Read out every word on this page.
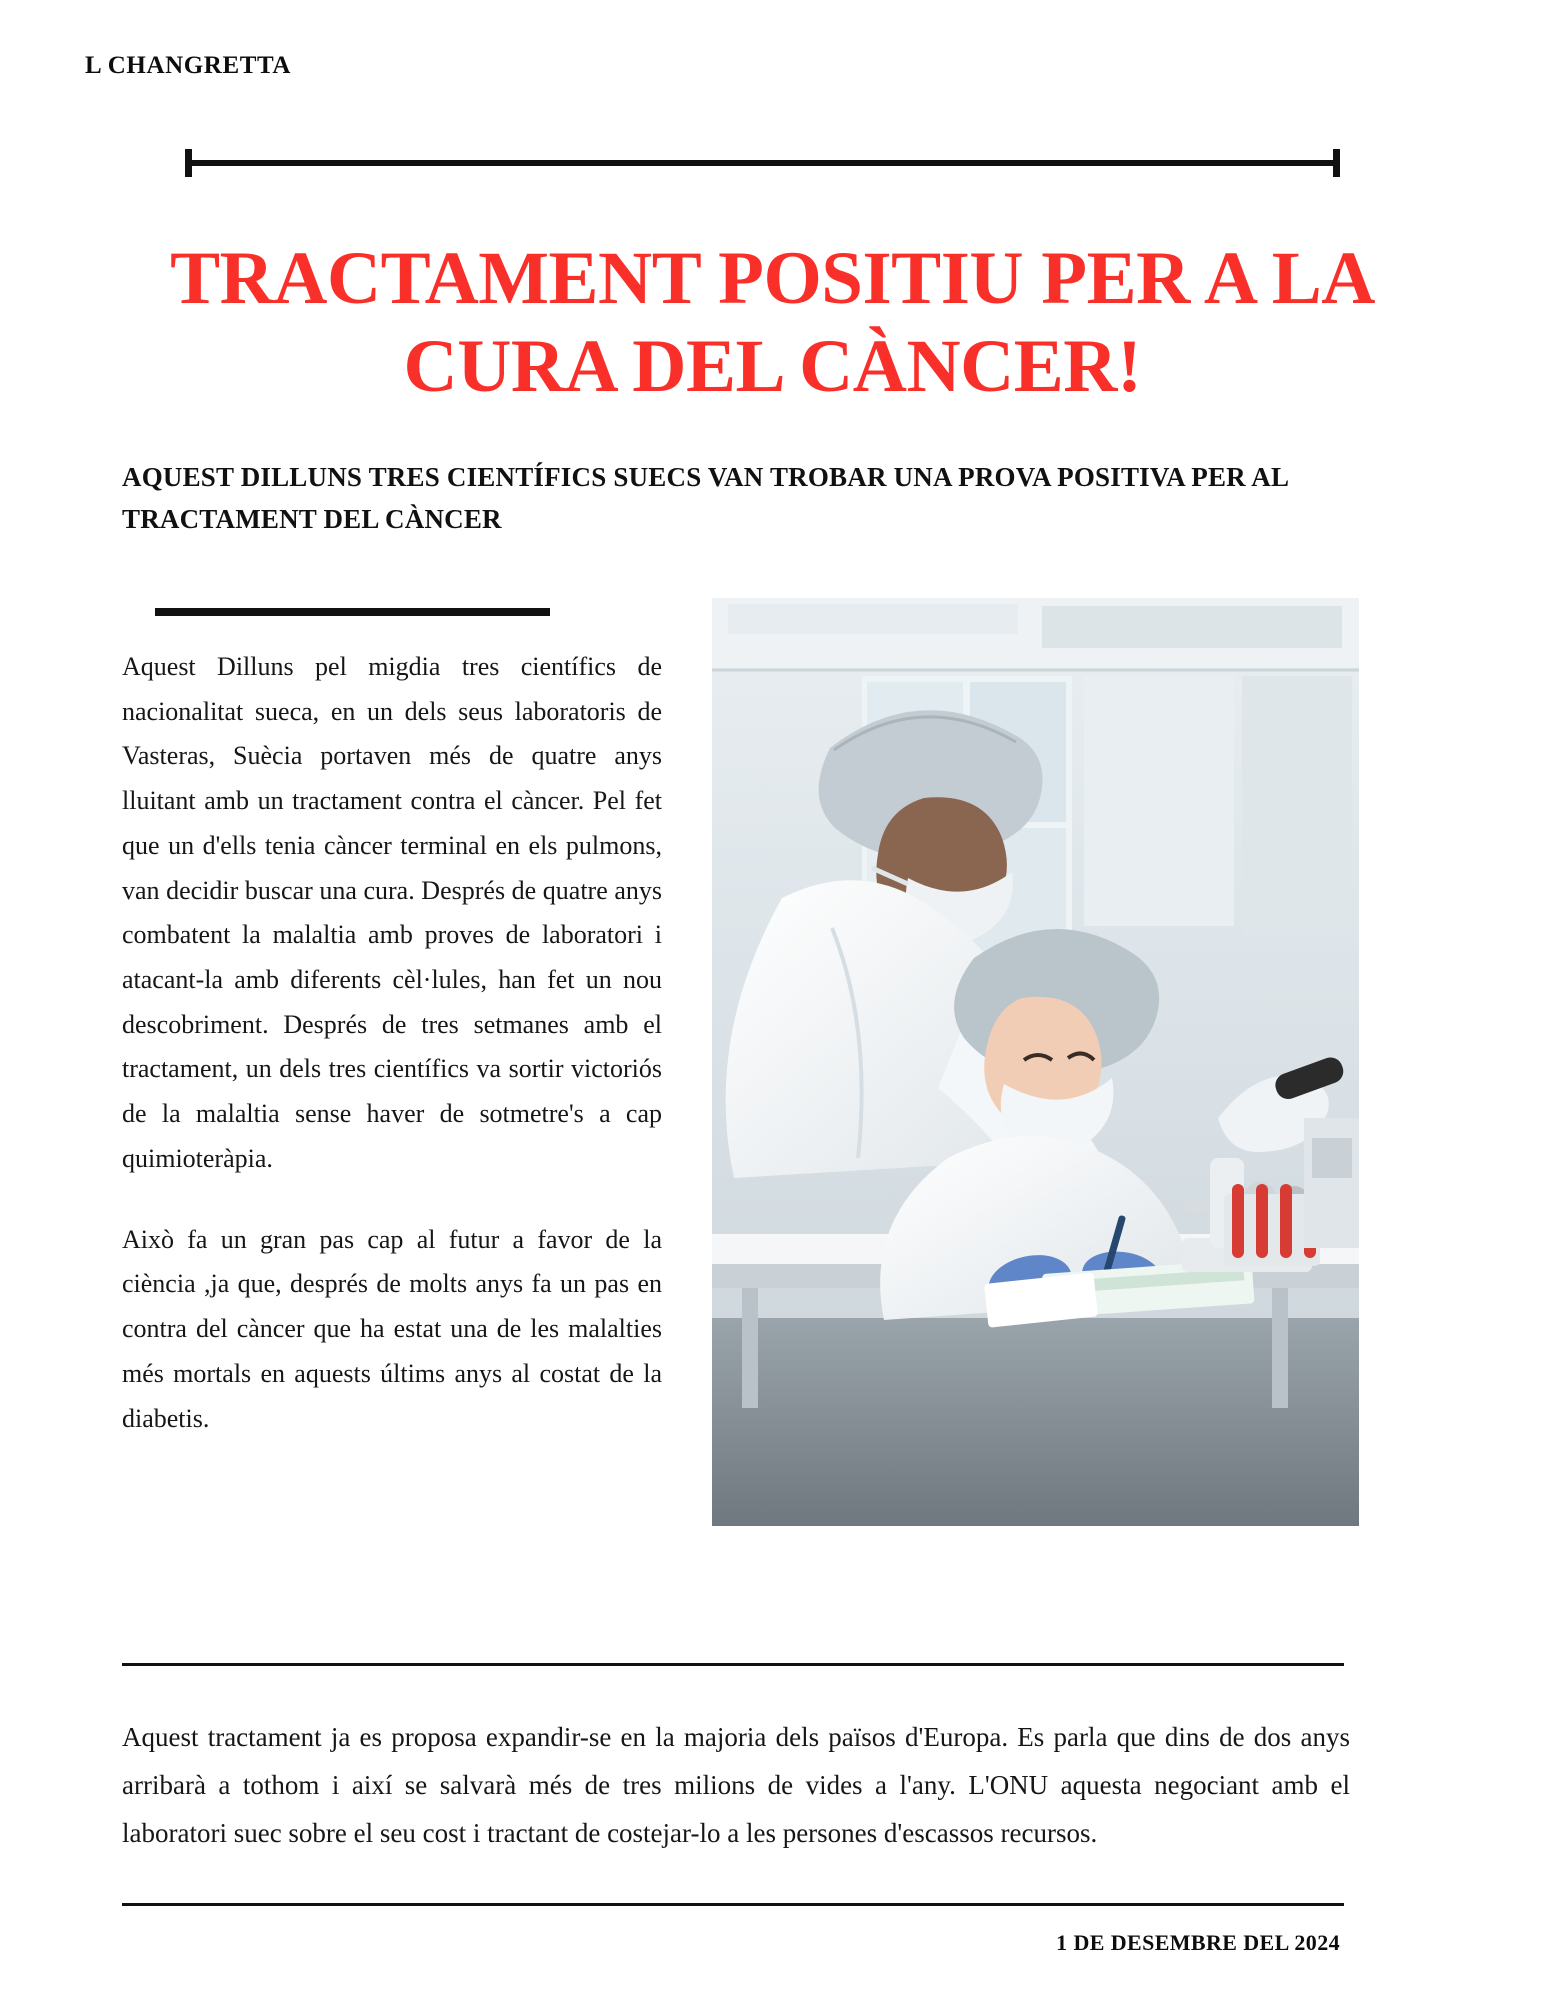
L CHANGRETTA
TRACTAMENT POSITIU PER A LA CURA DEL CÀNCER!
AQUEST DILLUNS TRES CIENTÍFICS SUECS VAN TROBAR UNA PROVA POSITIVA PER AL TRACTAMENT DEL CÀNCER

Aquest Dilluns pel migdia tres científics de nacionalitat sueca, en un dels seus laboratoris de Vasteras, Suècia portaven més de quatre anys lluitant amb un tractament contra el càncer. Pel fet que un d'ells tenia càncer terminal en els pulmons, van decidir buscar una cura. Després de quatre anys combatent la malaltia amb proves de laboratori i atacant-la amb diferents cèl·lules, han fet un nou descobriment. Després de tres setmanes amb el tractament, un dels tres científics va sortir victoriós de la malaltia sense haver de sotmetre's a cap quimioteràpia.

Això fa un gran pas cap al futur a favor de la ciència ,ja que, després de molts anys fa un pas en contra del càncer que ha estat una de les malalties més mortals en aquests últims anys al costat de la diabetis.

Aquest tractament ja es proposa expandir-se en la majoria dels països d'Europa. Es parla que dins de dos anys arribarà a tothom i així se salvarà més de tres milions de vides a l'any. L'ONU aquesta negociant amb el laboratori suec sobre el seu cost i tractant de costejar-lo a les persones d'escassos recursos.

1 DE DESEMBRE DEL 2024
